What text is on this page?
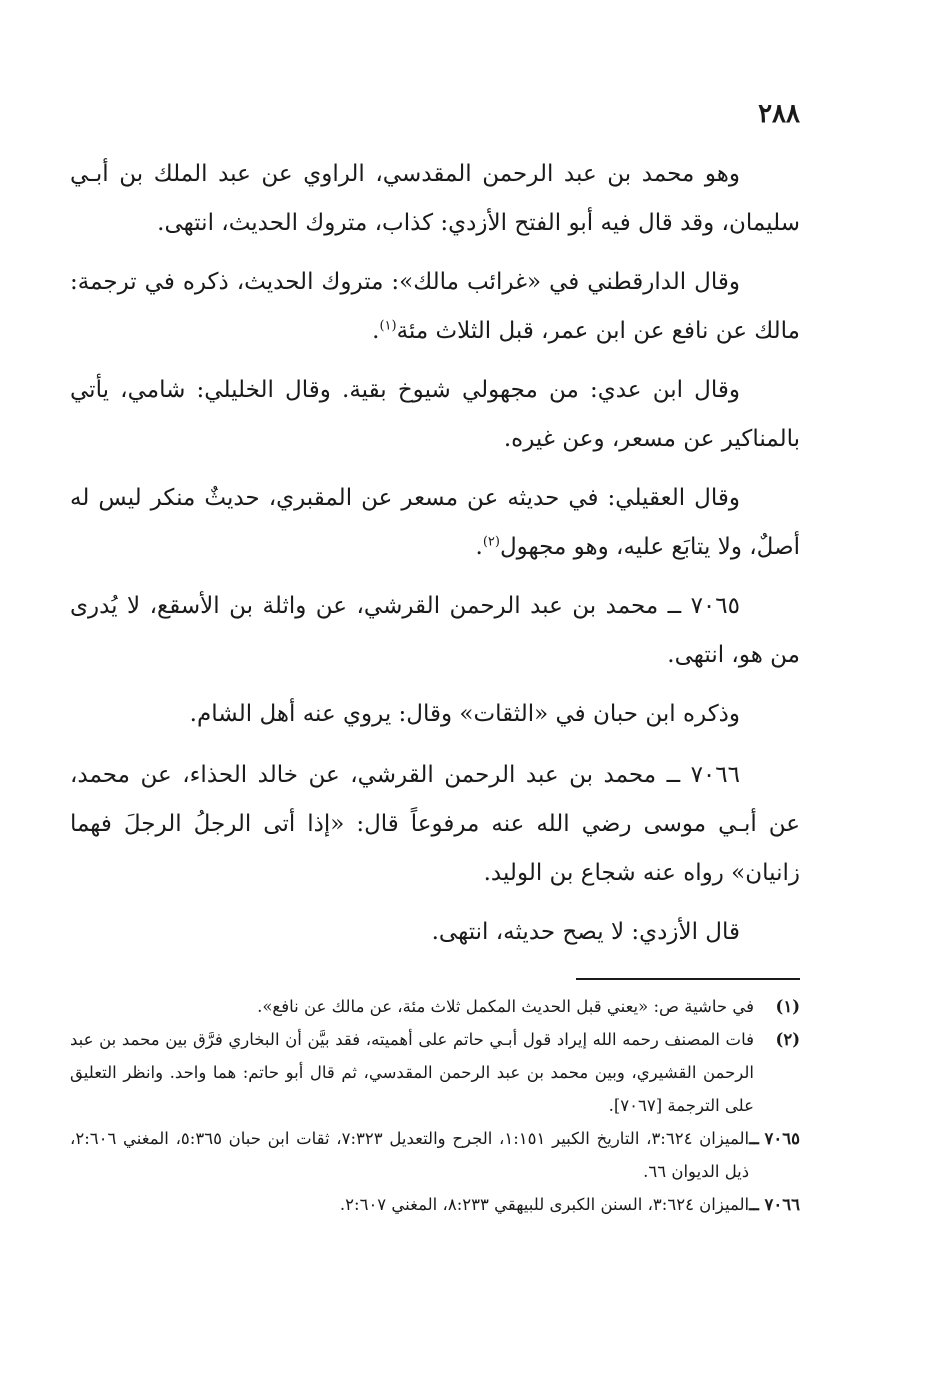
٢٨٨

وهو محمد بن عبد الرحمن المقدسي، الراوي عن عبد الملك بن أبـي سليمان، وقد قال فيه أبو الفتح الأزدي: كذاب، متروك الحديث، انتهى.

وقال الدارقطني في «غرائب مالك»: متروك الحديث، ذكره في ترجمة: مالك عن نافع عن ابن عمر، قبل الثلاث مئة$^{(١)}$.

وقال ابن عدي: من مجهولي شيوخ بقية. وقال الخليلي: شامي، يأتي بالمناكير عن مسعر، وعن غيره.

وقال العقيلي: في حديثه عن مسعر عن المقبري، حديثٌ منكر ليس له أصلٌ، ولا يتابَع عليه، وهو مجهول$^{(٢)}$.

٧٠٦٥ ــ محمد بن عبد الرحمن القرشي، عن واثلة بن الأسقع، لا يُدرى من هو، انتهى.

وذكره ابن حبان في «الثقات» وقال: يروي عنه أهل الشام.

٧٠٦٦ ــ محمد بن عبد الرحمن القرشي، عن خالد الحذاء، عن محمد، عن أبـي موسى رضي الله عنه مرفوعاً قال: «إذا أتى الرجلُ الرجلَ فهما زانيان» رواه عنه شجاع بن الوليد.

قال الأزدي: لا يصح حديثه، انتهى.

(١)
في حاشية ص: «يعني قبل الحديث المكمل ثلاث مئة، عن مالك عن نافع».
(٢)
فات المصنف رحمه الله إيراد قول أبـي حاتم على أهميته، فقد بيَّن أن البخاري فرَّق بين محمد بن عبد الرحمن القشيري، وبين محمد بن عبد الرحمن المقدسي، ثم قال أبو حاتم: هما واحد. وانظر التعليق على الترجمة [٧٠٦٧].
٧٠٦٥ ــ
الميزان ٣:٦٢٤، التاريخ الكبير ١:١٥١، الجرح والتعديل ٧:٣٢٣، ثقات ابن حبان ٥:٣٦٥، المغني ٢:٦٠٦، ذيل الديوان ٦٦.
٧٠٦٦ ــ
الميزان ٣:٦٢٤، السنن الكبرى للبيهقي ٨:٢٣٣، المغني ٢:٦٠٧.
